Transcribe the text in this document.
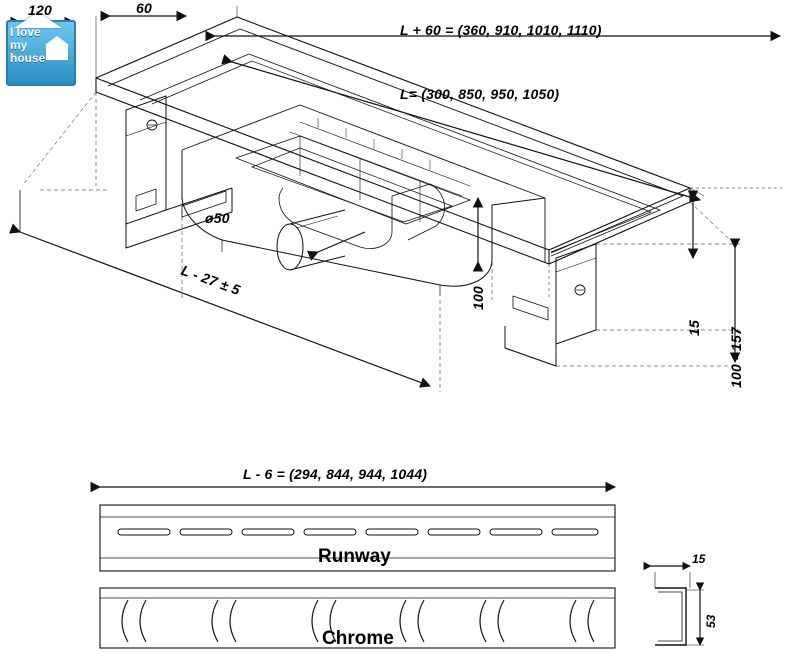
I love
my
house
120	60
L + 60 = (360, 910, 1010, 1110)
L= (300, 850, 950, 1050)
L - 27 ± 5
ø50
100
15 100 - 157
L - 6 = (294, 844, 944, 1044)
Runway
Chrome
15
53
